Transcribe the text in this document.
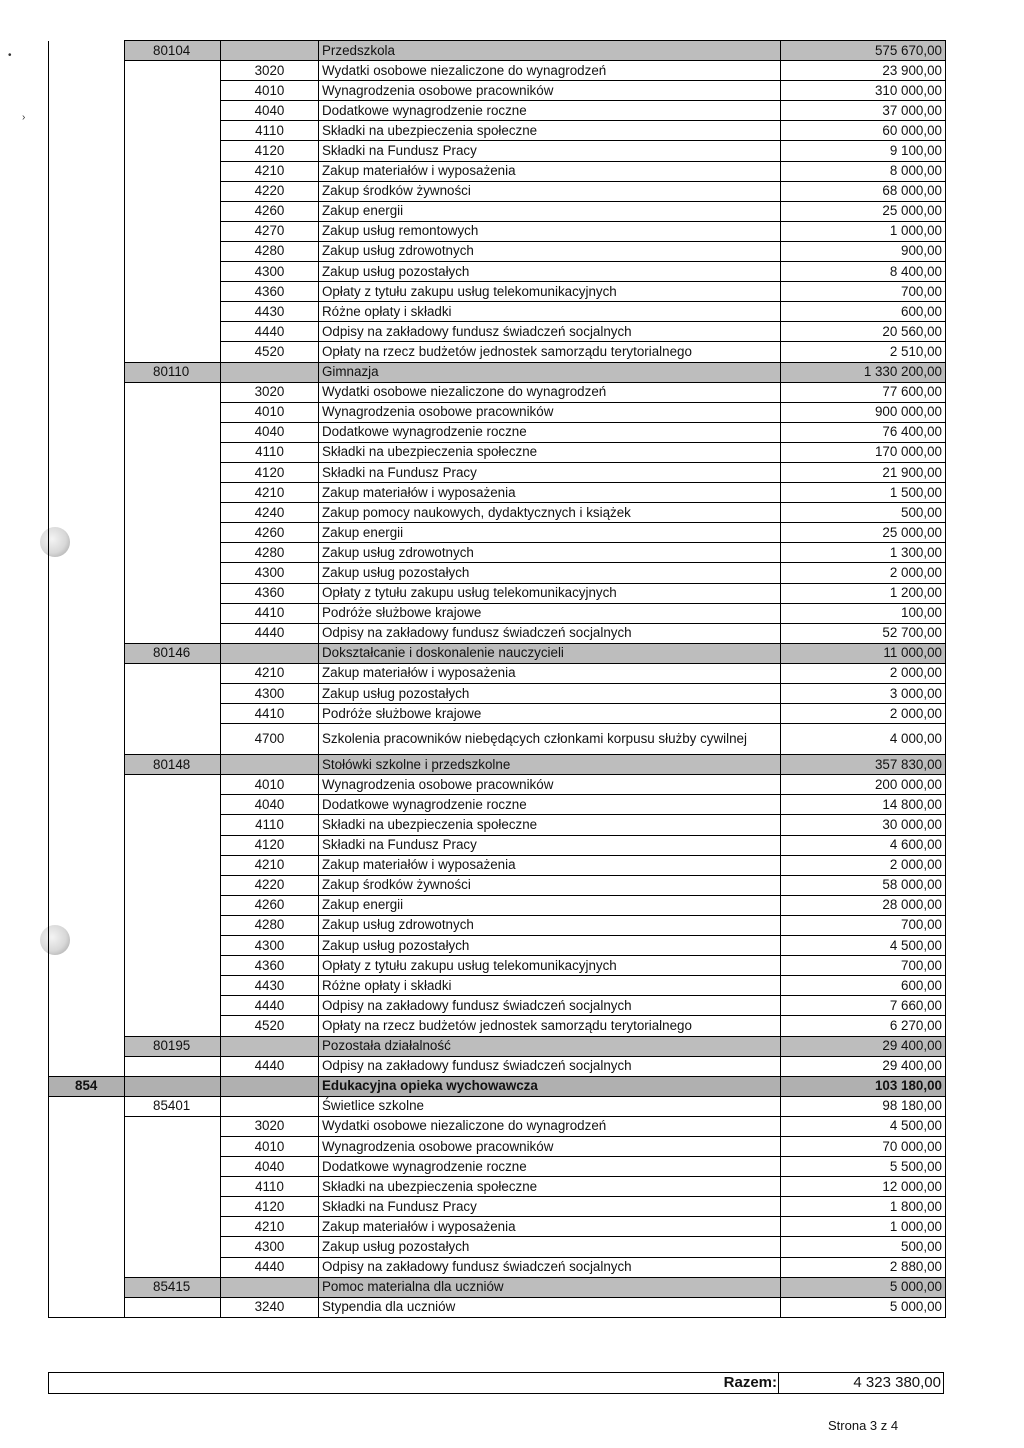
•
›
	80104		Przedszkola	575 670,00
		3020	Wydatki osobowe niezaliczone do wynagrodzeń	23 900,00
		4010	Wynagrodzenia osobowe pracowników	310 000,00
		4040	Dodatkowe wynagrodzenie roczne	37 000,00
		4110	Składki na ubezpieczenia społeczne	60 000,00
		4120	Składki na Fundusz Pracy	9 100,00
		4210	Zakup materiałów i wyposażenia	8 000,00
		4220	Zakup środków żywności	68 000,00
		4260	Zakup energii	25 000,00
		4270	Zakup usług remontowych	1 000,00
		4280	Zakup usług zdrowotnych	900,00
		4300	Zakup usług pozostałych	8 400,00
		4360	Opłaty z tytułu zakupu usług telekomunikacyjnych	700,00
		4430	Różne opłaty i składki	600,00
		4440	Odpisy na zakładowy fundusz świadczeń socjalnych	20 560,00
		4520	Opłaty na rzecz budżetów jednostek samorządu terytorialnego	2 510,00
	80110		Gimnazja	1 330 200,00
		3020	Wydatki osobowe niezaliczone do wynagrodzeń	77 600,00
		4010	Wynagrodzenia osobowe pracowników	900 000,00
		4040	Dodatkowe wynagrodzenie roczne	76 400,00
		4110	Składki na ubezpieczenia społeczne	170 000,00
		4120	Składki na Fundusz Pracy	21 900,00
		4210	Zakup materiałów i wyposażenia	1 500,00
		4240	Zakup pomocy naukowych, dydaktycznych i książek	500,00
		4260	Zakup energii	25 000,00
		4280	Zakup usług zdrowotnych	1 300,00
		4300	Zakup usług pozostałych	2 000,00
		4360	Opłaty z tytułu zakupu usług telekomunikacyjnych	1 200,00
		4410	Podróże służbowe krajowe	100,00
		4440	Odpisy na zakładowy fundusz świadczeń socjalnych	52 700,00
	80146		Dokształcanie i doskonalenie nauczycieli	11 000,00
		4210	Zakup materiałów i wyposażenia	2 000,00
		4300	Zakup usług pozostałych	3 000,00
		4410	Podróże służbowe krajowe	2 000,00
		4700	Szkolenia pracowników niebędących członkami korpusu służby cywilnej	4 000,00
	80148		Stołówki szkolne i przedszkolne	357 830,00
		4010	Wynagrodzenia osobowe pracowników	200 000,00
		4040	Dodatkowe wynagrodzenie roczne	14 800,00
		4110	Składki na ubezpieczenia społeczne	30 000,00
		4120	Składki na Fundusz Pracy	4 600,00
		4210	Zakup materiałów i wyposażenia	2 000,00
		4220	Zakup środków żywności	58 000,00
		4260	Zakup energii	28 000,00
		4280	Zakup usług zdrowotnych	700,00
		4300	Zakup usług pozostałych	4 500,00
		4360	Opłaty z tytułu zakupu usług telekomunikacyjnych	700,00
		4430	Różne opłaty i składki	600,00
		4440	Odpisy na zakładowy fundusz świadczeń socjalnych	7 660,00
		4520	Opłaty na rzecz budżetów jednostek samorządu terytorialnego	6 270,00
	80195		Pozostała działalność	29 400,00
		4440	Odpisy na zakładowy fundusz świadczeń socjalnych	29 400,00
854			Edukacyjna opieka wychowawcza	103 180,00
	85401		Świetlice szkolne	98 180,00
		3020	Wydatki osobowe niezaliczone do wynagrodzeń	4 500,00
		4010	Wynagrodzenia osobowe pracowników	70 000,00
		4040	Dodatkowe wynagrodzenie roczne	5 500,00
		4110	Składki na ubezpieczenia społeczne	12 000,00
		4120	Składki na Fundusz Pracy	1 800,00
		4210	Zakup materiałów i wyposażenia	1 000,00
		4300	Zakup usług pozostałych	500,00
		4440	Odpisy na zakładowy fundusz świadczeń socjalnych	2 880,00
	85415		Pomoc materialna dla uczniów	5 000,00
		3240	Stypendia dla uczniów	5 000,00
Razem:	4 323 380,00
Strona 3 z 4
